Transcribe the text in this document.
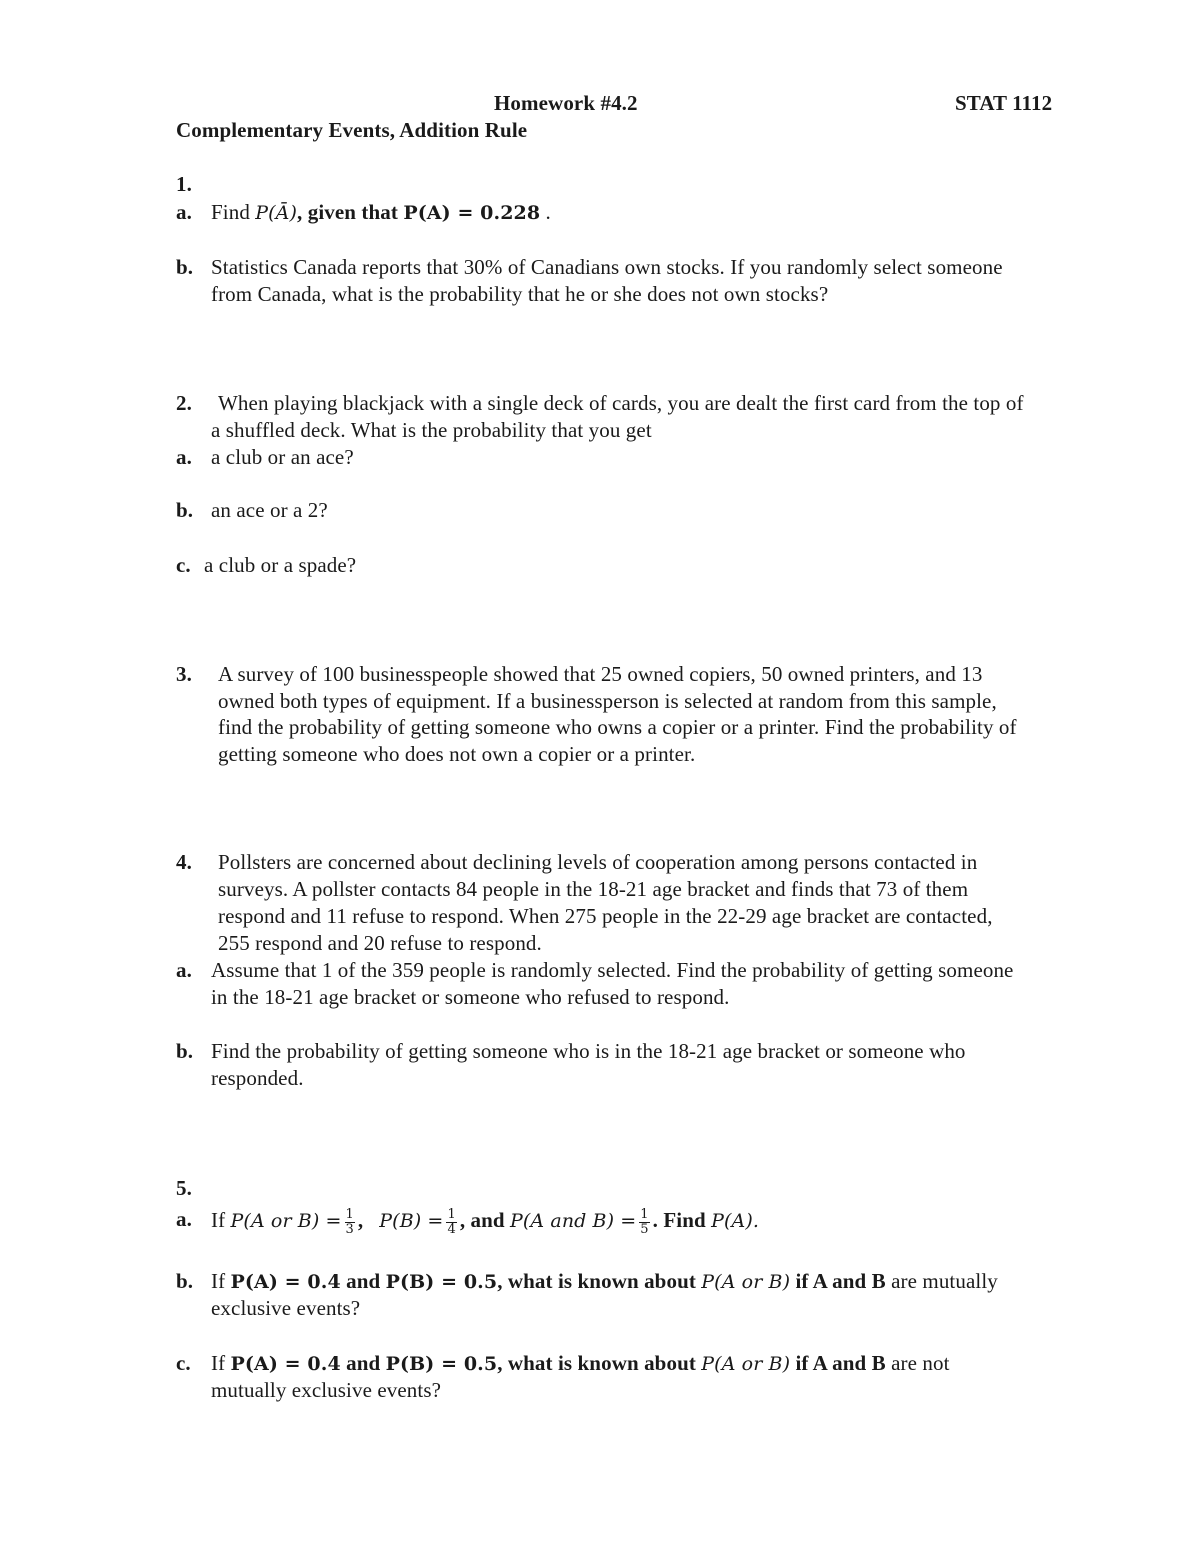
Homework #4.2	STAT 1112
Complementary Events, Addition Rule
1.
a. Find P(Ā), given that P(A) = 0.228 .
b. Statistics Canada reports that 30% of Canadians own stocks. If you randomly select someone
from Canada, what is the probability that he or she does not own stocks?
2. When playing blackjack with a single deck of cards, you are dealt the first card from the top of
a shuffled deck. What is the probability that you get
a. a club or an ace?
b. an ace or a 2?
c. a club or a spade?
3. A survey of 100 businesspeople showed that 25 owned copiers, 50 owned printers, and 13
owned both types of equipment. If a businessperson is selected at random from this sample,
find the probability of getting someone who owns a copier or a printer. Find the probability of
getting someone who does not own a copier or a printer.
4. Pollsters are concerned about declining levels of cooperation among persons contacted in
surveys. A pollster contacts 84 people in the 18-21 age bracket and finds that 73 of them
respond and 11 refuse to respond. When 275 people in the 22-29 age bracket are contacted,
255 respond and 20 refuse to respond.
a. Assume that 1 of the 359 people is randomly selected. Find the probability of getting someone
in the 18-21 age bracket or someone who refused to respond.
b. Find the probability of getting someone who is in the 18-21 age bracket or someone who
responded.
5.
a. If P(A or $B) = \frac{1}{3}$ , $P(B) = \frac{1}{4}$ , and P(A and $B) = \frac{1}{5}$ . Find P(A).
b. If P(A) = 0.4 and P(B) = 0.5, what is known about P(A or B) if A and B are mutually
exclusive events?
c. If P(A) = 0.4 and P(B) = 0.5, what is known about P(A or B) if A and B are not
mutually exclusive events?
